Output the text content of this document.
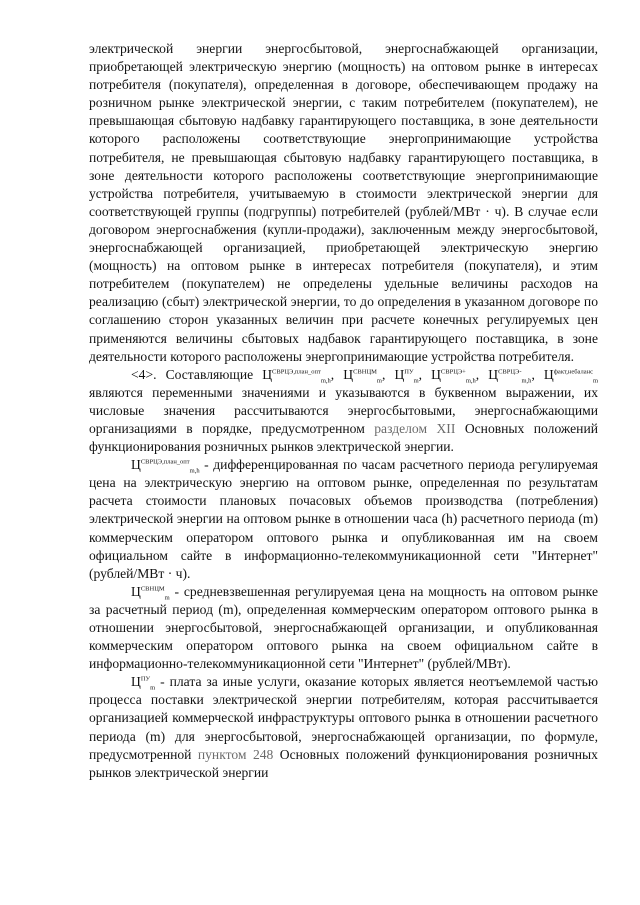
электрической энергии энергосбытовой, энергоснабжающей организации, приобретающей электрическую энергию (мощность) на оптовом рынке в интересах потребителя (покупателя), определенная в договоре, обеспечивающем продажу на розничном рынке электрической энергии, с таким потребителем (покупателем), не превышающая сбытовую надбавку гарантирующего поставщика, в зоне деятельности которого расположены соответствующие энергопринимающие устройства потребителя, не превышающая сбытовую надбавку гарантирующего поставщика, в зоне деятельности которого расположены соответствующие энергопринимающие устройства потребителя, учитываемую в стоимости электрической энергии для соответствующей группы (подгруппы) потребителей (рублей/МВт · ч). В случае если договором энергоснабжения (купли-продажи), заключенным между энергосбытовой, энергоснабжающей организацией, приобретающей электрическую энергию (мощность) на оптовом рынке в интересах потребителя (покупателя), и этим потребителем (покупателем) не определены удельные величины расходов на реализацию (сбыт) электрической энергии, то до определения в указанном договоре по соглашению сторон указанных величин при расчете конечных регулируемых цен применяются величины сбытовых надбавок гарантирующего поставщика, в зоне деятельности которого расположены энергопринимающие устройства потребителя.

<4>. Составляющие $Ц^{СВРЦЭ,план\_опт}_{m,h}$, $Ц^{СВНЦМ}_m$, $Ц^{ПУ}_m$, $Ц^{СВРЦЭ+}_{m,h}$, $Ц^{СВРЦЭ-}_{m,h}$, $Ц^{факт,небаланс}_m$ являются переменными значениями и указываются в буквенном выражении, их числовые значения рассчитываются энергосбытовыми, энергоснабжающими организациями в порядке, предусмотренном разделом XII Основных положений функционирования розничных рынков электрической энергии.

$Ц^{СВРЦЭ,план\_опт}_{m,h}$ - дифференцированная по часам расчетного периода регулируемая цена на электрическую энергию на оптовом рынке, определенная по результатам расчета стоимости плановых почасовых объемов производства (потребления) электрической энергии на оптовом рынке в отношении часа (h) расчетного периода (m) коммерческим оператором оптового рынка и опубликованная им на своем официальном сайте в информационно-телекоммуникационной сети "Интернет" (рублей/МВт · ч).

$Ц^{СВНЦМ}_m$ - средневзвешенная регулируемая цена на мощность на оптовом рынке за расчетный период (m), определенная коммерческим оператором оптового рынка в отношении энергосбытовой, энергоснабжающей организации, и опубликованная коммерческим оператором оптового рынка на своем официальном сайте в информационно-телекоммуникационной сети "Интернет" (рублей/МВт).

$Ц^{ПУ}_m$ - плата за иные услуги, оказание которых является неотъемлемой частью процесса поставки электрической энергии потребителям, которая рассчитывается организацией коммерческой инфраструктуры оптового рынка в отношении расчетного периода (m) для энергосбытовой, энергоснабжающей организации, по формуле, предусмотренной пунктом 248 Основных положений функционирования розничных рынков электрической энергии
